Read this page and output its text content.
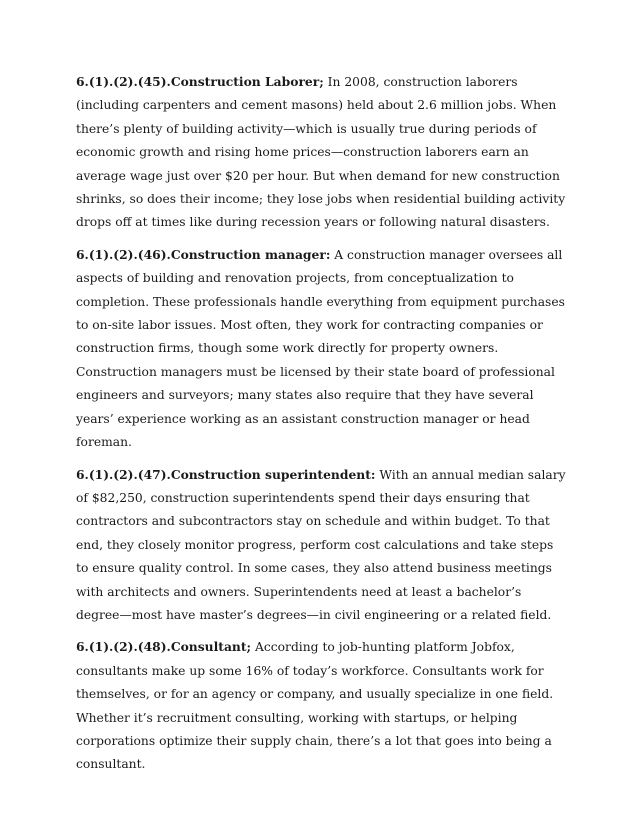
6.(1).(2).(45).Construction Laborer; In 2008, construction laborers (including carpenters and cement masons) held about 2.6 million jobs. When there’s plenty of building activity—which is usually true during periods of economic growth and rising home prices—construction laborers earn an average wage just over $20 per hour. But when demand for new construction shrinks, so does their income; they lose jobs when residential building activity drops off at times like during recession years or following natural disasters.

6.(1).(2).(46).Construction manager: A construction manager oversees all aspects of building and renovation projects, from conceptualization to completion. These professionals handle everything from equipment purchases to on-site labor issues. Most often, they work for contracting companies or construction firms, though some work directly for property owners. Construction managers must be licensed by their state board of professional engineers and surveyors; many states also require that they have several years’ experience working as an assistant construction manager or head foreman.

6.(1).(2).(47).Construction superintendent: With an annual median salary of $82,250, construction superintendents spend their days ensuring that contractors and subcontractors stay on schedule and within budget. To that end, they closely monitor progress, perform cost calculations and take steps to ensure quality control. In some cases, they also attend business meetings with architects and owners. Superintendents need at least a bachelor’s degree—most have master’s degrees—in civil engineering or a related field.

6.(1).(2).(48).Consultant; According to job-hunting platform Jobfox, consultants make up some 16% of today’s workforce. Consultants work for themselves, or for an agency or company, and usually specialize in one field. Whether it’s recruitment consulting, working with startups, or helping corporations optimize their supply chain, there’s a lot that goes into being a consultant.
